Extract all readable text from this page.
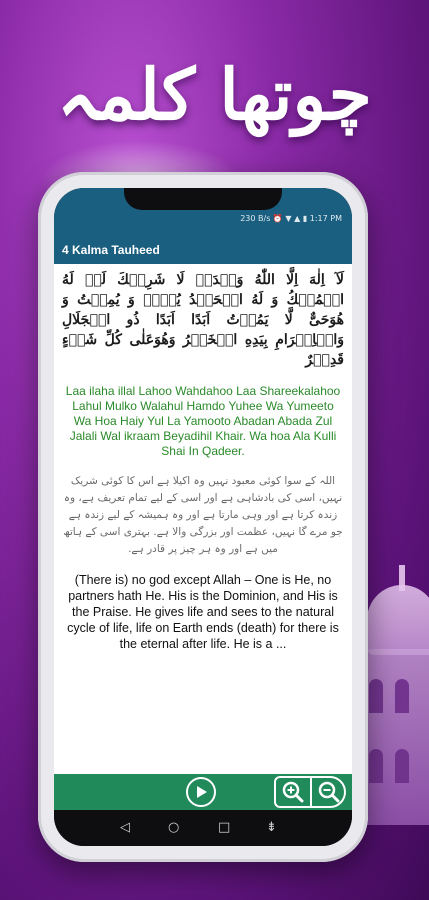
چوتھا کلمہ
230 B/s ⏰ ▼ ▲ ▮ 1:17 PM
4 Kalma Tauheed
لَآ اِلٰهَ اِلَّا اللّٰهُ وَحۡدَہٗ لَا شَرِيۡكَ لَہٗ لَهُ الۡمُلۡكُ وَ لَهُ الۡحَمۡدُ يُحۡىٖ وَ يُمِيۡتُ وَ هُوَحَىٌّ لَّا يَمُوۡتُ اَبَدًا اَبَدًا ذُو الۡجَلَالِ وَالۡاِكۡرَامِ بِيَدِهِ الۡخَيۡرُ وَهُوَعَلٰى كُلِّ شَیۡءٍ قَدِيۡرٌ
Laa ilaha illal Lahoo Wahdahoo Laa Shareekalahoo Lahul Mulko Walahul Hamdo Yuhee Wa Yumeeto Wa Hoa Haiy Yul La Yamooto Abadan Abada Zul Jalali Wal ikraam Beyadihil Khair. Wa hoa Ala Kulli Shai In Qadeer.
اللہ کے سوا کوئی معبود نہیں وہ اکیلا ہے اس کا کوئی شریک نہیں، اسی کی بادشاہی ہے اور اسی کے لیے تمام تعریف ہے، وہ زندہ کرتا ہے اور وہی مارتا ہے اور وہ ہمیشہ کے لیے زندہ ہے جو مرے گا نہیں، عظمت اور بزرگی والا ہے. بہتری اسی کے ہاتھ میں ہے اور وہ ہر چیز پر قادر ہے.
(There is) no god except Allah – One is He, no partners hath He. His is the Dominion, and His is the Praise. He gives life and sees to the natural cycle of life, life on Earth ends (death) for there is the eternal after life. He is a ...
◁	○	□	⇟
